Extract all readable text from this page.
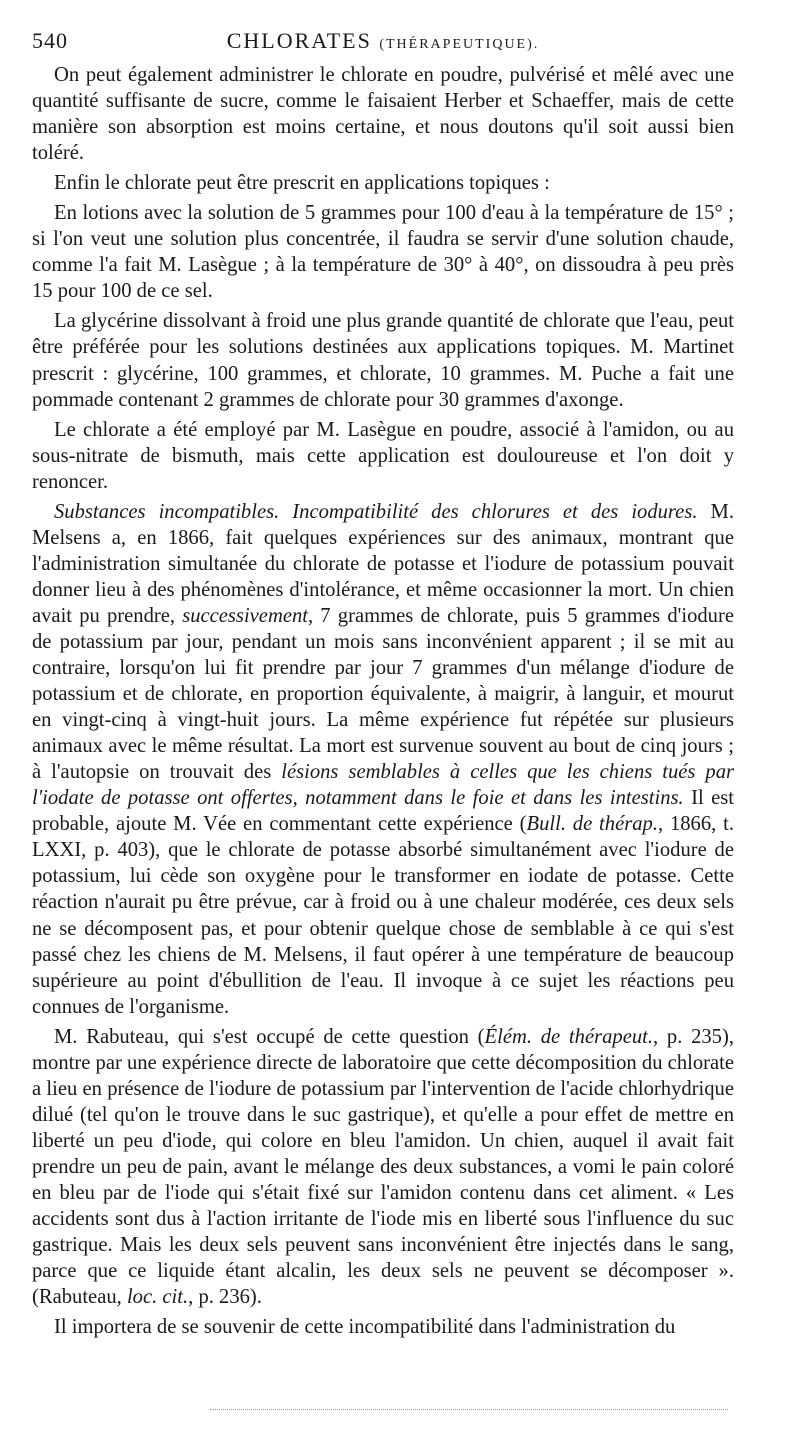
540	CHLORATES (THÉRAPEUTIQUE).

On peut également administrer le chlorate en poudre, pulvérisé et mêlé avec une quantité suffisante de sucre, comme le faisaient Herber et Schaeffer, mais de cette manière son absorption est moins certaine, et nous doutons qu'il soit aussi bien toléré.

Enfin le chlorate peut être prescrit en applications topiques :

En lotions avec la solution de 5 grammes pour 100 d'eau à la température de 15° ; si l'on veut une solution plus concentrée, il faudra se servir d'une solution chaude, comme l'a fait M. Lasègue ; à la température de 30° à 40°, on dissoudra à peu près 15 pour 100 de ce sel.

La glycérine dissolvant à froid une plus grande quantité de chlorate que l'eau, peut être préférée pour les solutions destinées aux applications topiques. M. Martinet prescrit : glycérine, 100 grammes, et chlorate, 10 grammes. M. Puche a fait une pommade contenant 2 grammes de chlorate pour 30 grammes d'axonge.

Le chlorate a été employé par M. Lasègue en poudre, associé à l'amidon, ou au sous-nitrate de bismuth, mais cette application est douloureuse et l'on doit y renoncer.

Substances incompatibles. Incompatibilité des chlorures et des iodures. M. Melsens a, en 1866, fait quelques expériences sur des animaux, montrant que l'administration simultanée du chlorate de potasse et l'iodure de potassium pouvait donner lieu à des phénomènes d'intolérance, et même occasionner la mort. Un chien avait pu prendre, successivement, 7 grammes de chlorate, puis 5 grammes d'iodure de potassium par jour, pendant un mois sans inconvénient apparent ; il se mit au contraire, lorsqu'on lui fit prendre par jour 7 grammes d'un mélange d'iodure de potassium et de chlorate, en proportion équivalente, à maigrir, à languir, et mourut en vingt-cinq à vingt-huit jours. La même expérience fut répétée sur plusieurs animaux avec le même résultat. La mort est survenue souvent au bout de cinq jours ; à l'autopsie on trouvait des lésions semblables à celles que les chiens tués par l'iodate de potasse ont offertes, notamment dans le foie et dans les intestins. Il est probable, ajoute M. Vée en commentant cette expérience (Bull. de thérap., 1866, t. LXXI, p. 403), que le chlorate de potasse absorbé simultanément avec l'iodure de potassium, lui cède son oxygène pour le transformer en iodate de potasse. Cette réaction n'aurait pu être prévue, car à froid ou à une chaleur modérée, ces deux sels ne se décomposent pas, et pour obtenir quelque chose de semblable à ce qui s'est passé chez les chiens de M. Melsens, il faut opérer à une température de beaucoup supérieure au point d'ébullition de l'eau. Il invoque à ce sujet les réactions peu connues de l'organisme.

M. Rabuteau, qui s'est occupé de cette question (Élém. de thérapeut., p. 235), montre par une expérience directe de laboratoire que cette décomposition du chlorate a lieu en présence de l'iodure de potassium par l'intervention de l'acide chlorhydrique dilué (tel qu'on le trouve dans le suc gastrique), et qu'elle a pour effet de mettre en liberté un peu d'iode, qui colore en bleu l'amidon. Un chien, auquel il avait fait prendre un peu de pain, avant le mélange des deux substances, a vomi le pain coloré en bleu par de l'iode qui s'était fixé sur l'amidon contenu dans cet aliment. « Les accidents sont dus à l'action irritante de l'iode mis en liberté sous l'influence du suc gastrique. Mais les deux sels peuvent sans inconvénient être injectés dans le sang, parce que ce liquide étant alcalin, les deux sels ne peuvent se décomposer ». (Rabuteau, loc. cit., p. 236).

Il importera de se souvenir de cette incompatibilité dans l'administration du
